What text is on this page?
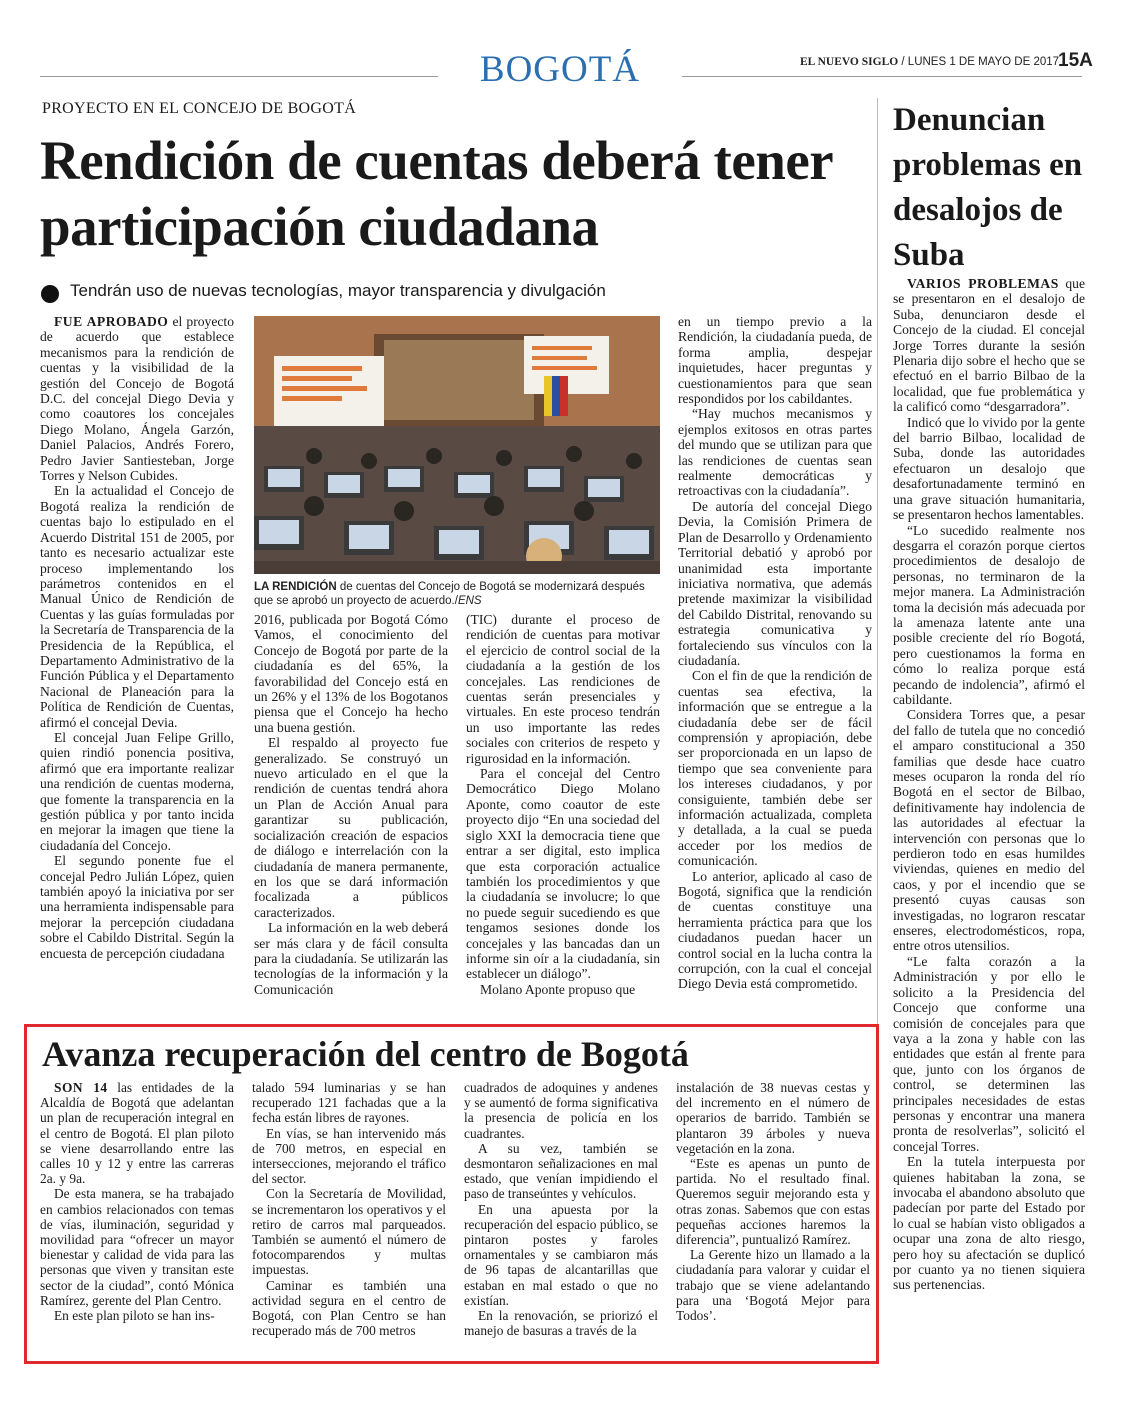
BOGOTÁ	EL NUEVO SIGLO / LUNES 1 DE MAYO DE 2017
15A
PROYECTO EN EL CONCEJO DE BOGOTÁ
Rendición de cuentas deberá tener participación ciudadana
Tendrán uso de nuevas tecnologías, mayor transparencia y divulgación

FUE APROBADO el proyecto de acuerdo que establece mecanismos para la rendición de cuentas y la visibilidad de la gestión del Concejo de Bogotá D.C. del concejal Diego Devia y como coautores los concejales Diego Molano, Ángela Garzón, Daniel Palacios, Andrés Forero, Pedro Javier Santiesteban, Jorge Torres y Nelson Cubides.

En la actualidad el Concejo de Bogotá realiza la rendición de cuentas bajo lo estipulado en el Acuerdo Distrital 151 de 2005, por tanto es necesario actualizar este proceso implementando los parámetros contenidos en el Manual Único de Rendición de Cuentas y las guías formuladas por la Secretaría de Transparencia de la Presidencia de la República, el Departamento Administrativo de la Función Pública y el Departamento Nacional de Planeación para la Política de Rendición de Cuentas, afirmó el concejal Devia.

El concejal Juan Felipe Grillo, quien rindió ponencia positiva, afirmó que era importante realizar una rendición de cuentas moderna, que fomente la transparencia en la gestión pública y por tanto incida en mejorar la imagen que tiene la ciudadanía del Concejo.

El segundo ponente fue el concejal Pedro Julián López, quien también apoyó la iniciativa por ser una herramienta indispensable para mejorar la percepción ciudadana sobre el Cabildo Distrital. Según la encuesta de percepción ciudadana

LA RENDICIÓN de cuentas del Concejo de Bogotá se modernizará después que se aprobó un proyecto de acuerdo./ENS

2016, publicada por Bogotá Cómo Vamos, el conocimiento del Concejo de Bogotá por parte de la ciudadanía es del 65%, la favorabilidad del Concejo está en un 26% y el 13% de los Bogotanos piensa que el Concejo ha hecho una buena gestión.

El respaldo al proyecto fue generalizado. Se construyó un nuevo articulado en el que la rendición de cuentas tendrá ahora un Plan de Acción Anual para garantizar su publicación, socialización creación de espacios de diálogo e interrelación con la ciudadanía de manera permanente, en los que se dará información focalizada a públicos caracterizados.

La información en la web deberá ser más clara y de fácil consulta para la ciudadanía. Se utilizarán las tecnologías de la información y la Comunicación

(TIC) durante el proceso de rendición de cuentas para motivar el ejercicio de control social de la ciudadanía a la gestión de los concejales. Las rendiciones de cuentas serán presenciales y virtuales. En este proceso tendrán un uso importante las redes sociales con criterios de respeto y rigurosidad en la información.

Para el concejal del Centro Democrático Diego Molano Aponte, como coautor de este proyecto dijo “En una sociedad del siglo XXI la democracia tiene que entrar a ser digital, esto implica que esta corporación actualice también los procedimientos y que la ciudadanía se involucre; lo que no puede seguir sucediendo es que tengamos sesiones donde los concejales y las bancadas dan un informe sin oír a la ciudadanía, sin establecer un diálogo”.

Molano Aponte propuso que

en un tiempo previo a la Rendición, la ciudadanía pueda, de forma amplia, despejar inquietudes, hacer preguntas y cuestionamientos para que sean respondidos por los cabildantes.

“Hay muchos mecanismos y ejemplos exitosos en otras partes del mundo que se utilizan para que las rendiciones de cuentas sean realmente democráticas y retroactivas con la ciudadanía”.

De autoría del concejal Diego Devia, la Comisión Primera de Plan de Desarrollo y Ordenamiento Territorial debatió y aprobó por unanimidad esta importante iniciativa normativa, que además pretende maximizar la visibilidad del Cabildo Distrital, renovando su estrategia comunicativa y fortaleciendo sus vínculos con la ciudadanía.

Con el fin de que la rendición de cuentas sea efectiva, la información que se entregue a la ciudadanía debe ser de fácil comprensión y apropiación, debe ser proporcionada en un lapso de tiempo que sea conveniente para los intereses ciudadanos, y por consiguiente, también debe ser información actualizada, completa y detallada, a la cual se pueda acceder por los medios de comunicación.

Lo anterior, aplicado al caso de Bogotá, significa que la rendición de cuentas constituye una herramienta práctica para que los ciudadanos puedan hacer un control social en la lucha contra la corrupción, con la cual el concejal Diego Devia está comprometido.

Denuncian problemas en desalojos de Suba

VARIOS PROBLEMAS que se presentaron en el desalojo de Suba, denunciaron desde el Concejo de la ciudad. El concejal Jorge Torres durante la sesión Plenaria dijo sobre el hecho que se efectuó en el barrio Bilbao de la localidad, que fue problemática y la calificó como “desgarradora”.

Indicó que lo vivido por la gente del barrio Bilbao, localidad de Suba, donde las autoridades efectuaron un desalojo que desafortunadamente terminó en una grave situación humanitaria, se presentaron hechos lamentables.

“Lo sucedido realmente nos desgarra el corazón porque ciertos procedimientos de desalojo de personas, no terminaron de la mejor manera. La Administración toma la decisión más adecuada por la amenaza latente ante una posible creciente del río Bogotá, pero cuestionamos la forma en cómo lo realiza porque está pecando de indolencia”, afirmó el cabildante.

Considera Torres que, a pesar del fallo de tutela que no concedió el amparo constitucional a 350 familias que desde hace cuatro meses ocuparon la ronda del río Bogotá en el sector de Bilbao, definitivamente hay indolencia de las autoridades al efectuar la intervención con personas que lo perdieron todo en esas humildes viviendas, quienes en medio del caos, y por el incendio que se presentó cuyas causas son investigadas, no lograron rescatar enseres, electrodomésticos, ropa, entre otros utensilios.

“Le falta corazón a la Administración y por ello le solicito a la Presidencia del Concejo que conforme una comisión de concejales para que vaya a la zona y hable con las entidades que están al frente para que, junto con los órganos de control, se determinen las principales necesidades de estas personas y encontrar una manera pronta de resolverlas”, solicitó el concejal Torres.

En la tutela interpuesta por quienes habitaban la zona, se invocaba el abandono absoluto que padecían por parte del Estado por lo cual se habían visto obligados a ocupar una zona de alto riesgo, pero hoy su afectación se duplicó por cuanto ya no tienen siquiera sus pertenencias.

Avanza recuperación del centro de Bogotá

SON 14 las entidades de la Alcaldía de Bogotá que adelantan un plan de recuperación integral en el centro de Bogotá. El plan piloto se viene desarrollando entre las calles 10 y 12 y entre las carreras 2a. y 9a.

De esta manera, se ha trabajado en cambios relacionados con temas de vías, iluminación, seguridad y movilidad para “ofrecer un mayor bienestar y calidad de vida para las personas que viven y transitan este sector de la ciudad”, contó Mónica Ramírez, gerente del Plan Centro.

En este plan piloto se han ins-

talado 594 luminarias y se han recuperado 121 fachadas que a la fecha están libres de rayones.

En vías, se han intervenido más de 700 metros, en especial en intersecciones, mejorando el tráfico del sector.

Con la Secretaría de Movilidad, se incrementaron los operativos y el retiro de carros mal parqueados. También se aumentó el número de fotocomparendos y multas impuestas.

Caminar es también una actividad segura en el centro de Bogotá, con Plan Centro se han recuperado más de 700 metros

cuadrados de adoquines y andenes y se aumentó de forma significativa la presencia de policía en los cuadrantes.

A su vez, también se desmontaron señalizaciones en mal estado, que venían impidiendo el paso de transeúntes y vehículos.

En una apuesta por la recuperación del espacio público, se pintaron postes y faroles ornamentales y se cambiaron más de 96 tapas de alcantarillas que estaban en mal estado o que no existían.

En la renovación, se priorizó el manejo de basuras a través de la

instalación de 38 nuevas cestas y del incremento en el número de operarios de barrido. También se plantaron 39 árboles y nueva vegetación en la zona.

“Este es apenas un punto de partida. No el resultado final. Queremos seguir mejorando esta y otras zonas. Sabemos que con estas pequeñas acciones haremos la diferencia”, puntualizó Ramírez.

La Gerente hizo un llamado a la ciudadanía para valorar y cuidar el trabajo que se viene adelantando para una ‘Bogotá Mejor para Todos’.
